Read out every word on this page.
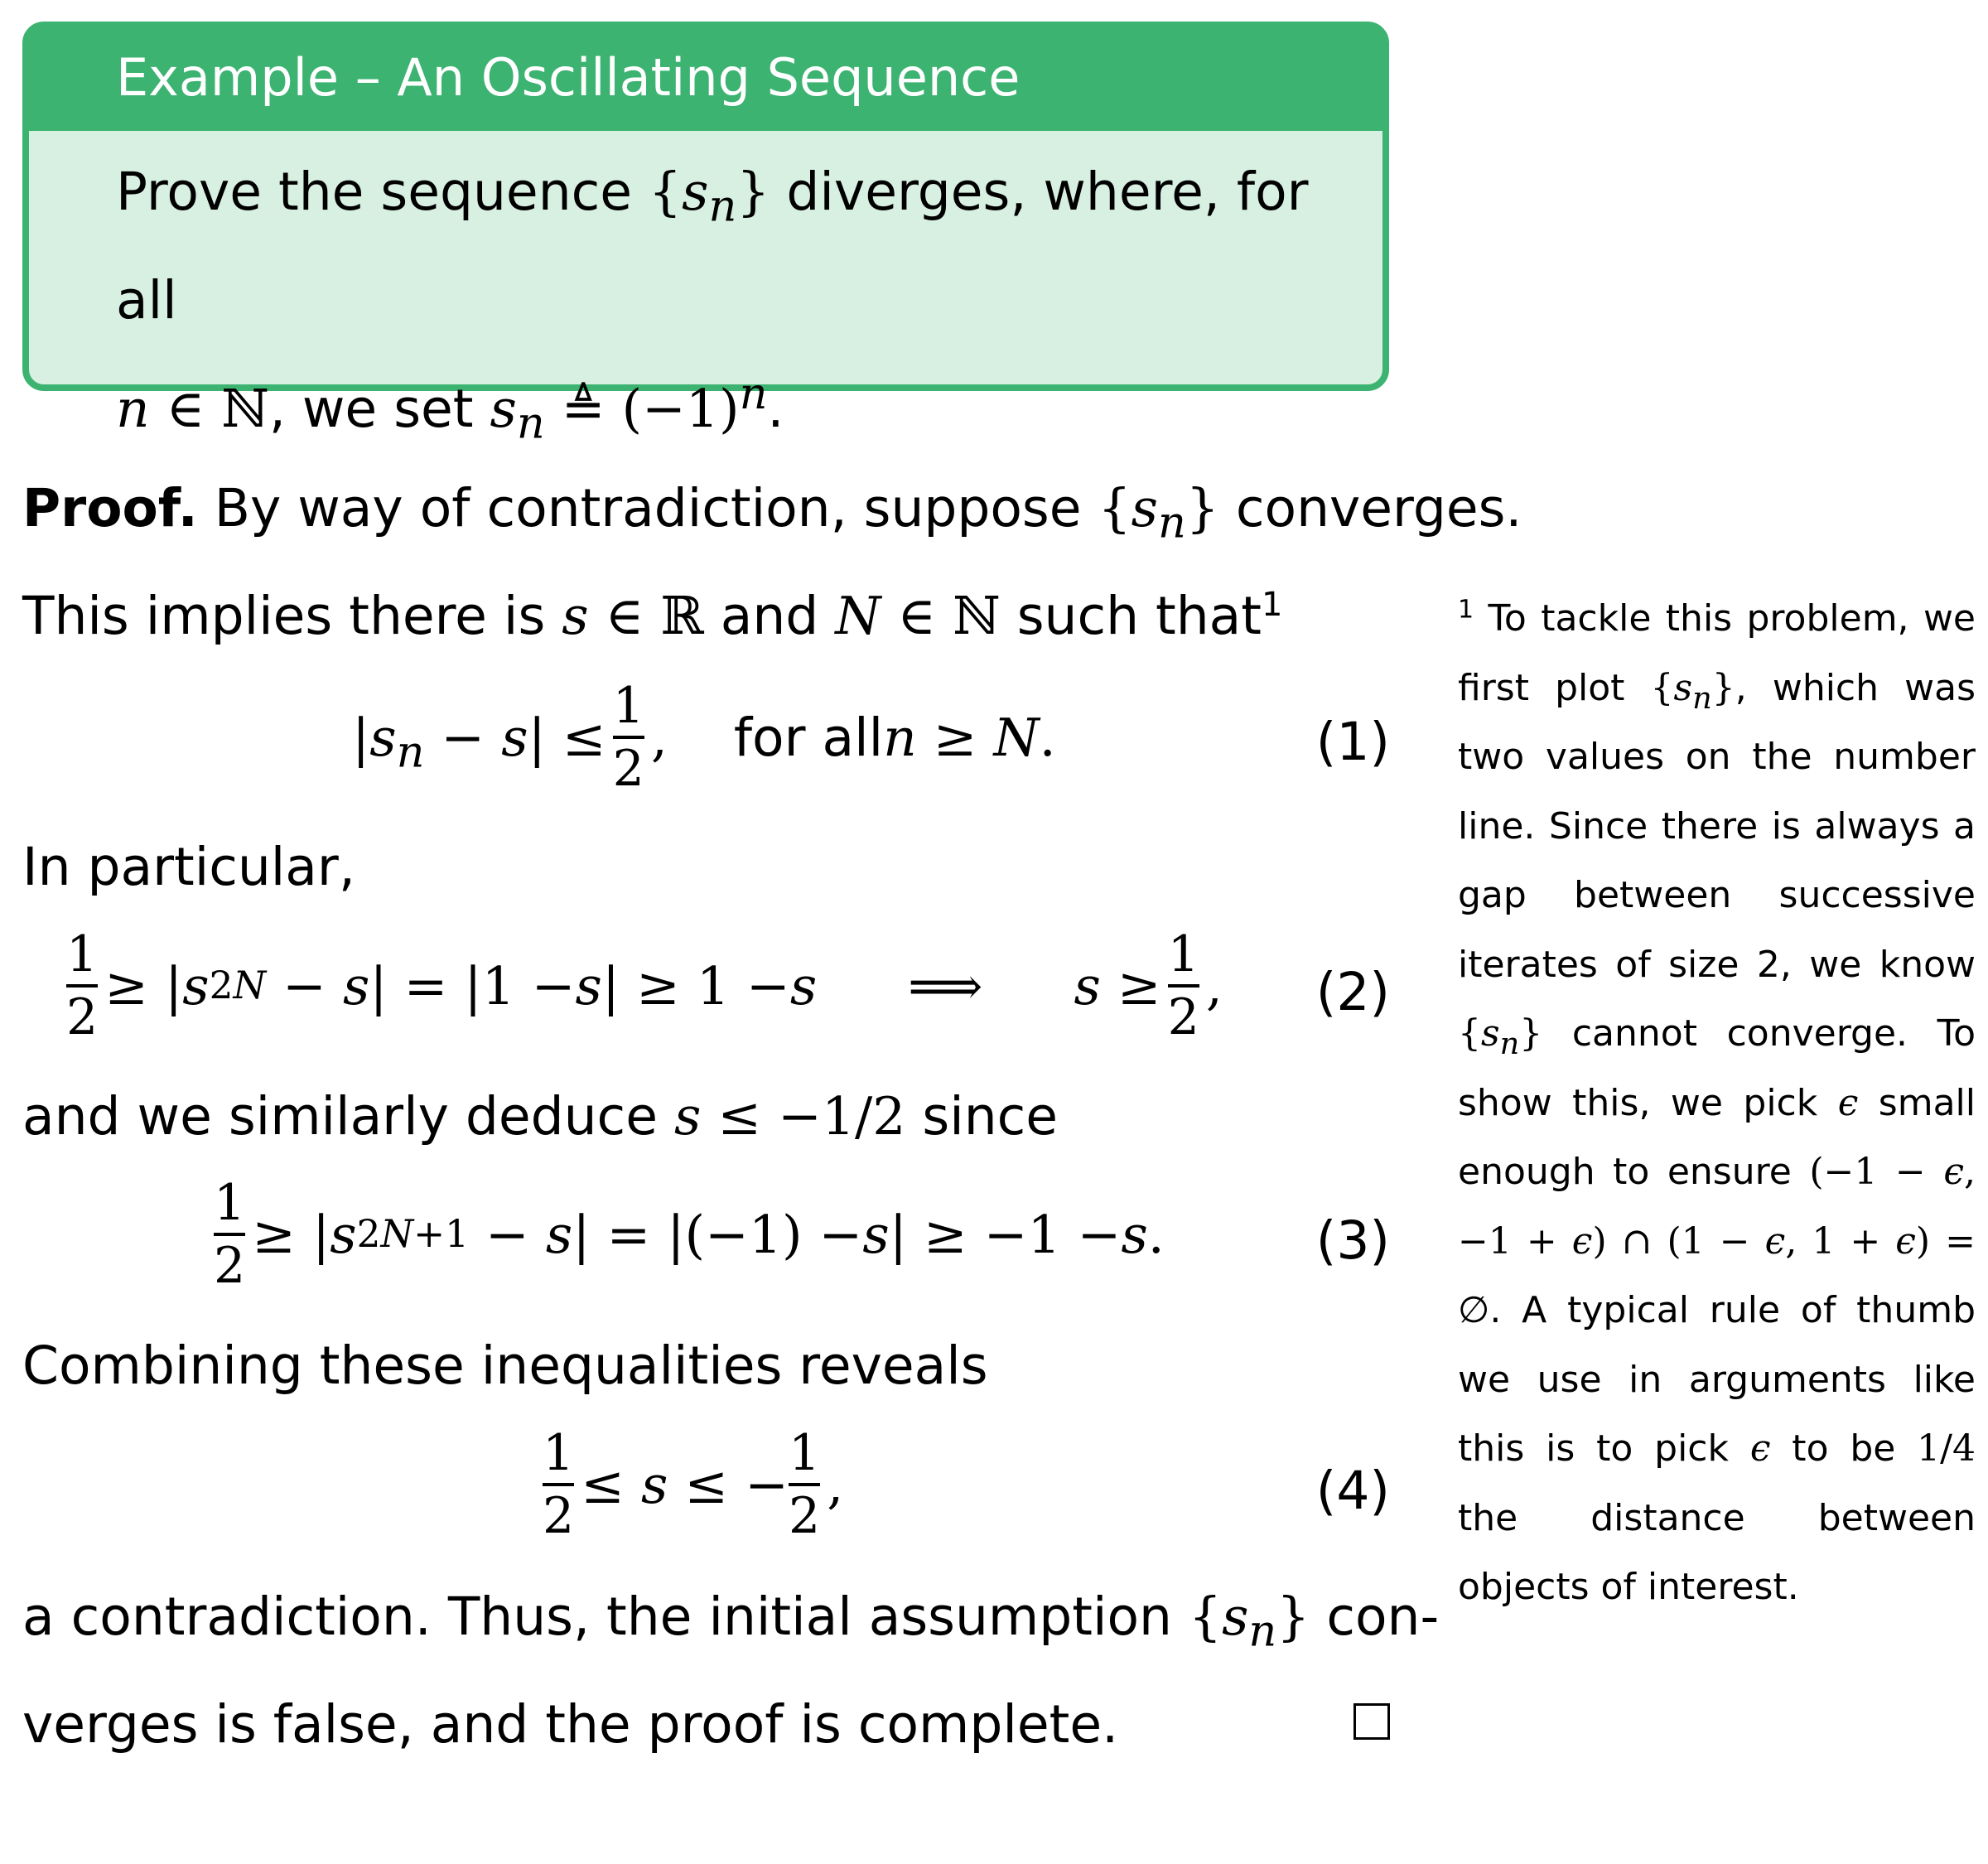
Example – An Oscillating Sequence
Prove the sequence $\{s_n\}$ diverges, where, for all
n ∈ ℕ, we set $s_n$ ≜ $(-1)^n$.
Proof. By way of contradiction, suppose $\{s_n\}$ converges.
This implies there is s ∈ ℝ and N ∈ ℕ such that$^1$
| $s_n - s$ | ≤ $\frac{1}{2}$ , for all n ≥ N .	(1)
In particular,
$\frac{1}{2}$ ≥ | s 2 N − s | = |1 − s | ≥ 1 − s ⟹ $s \ge \frac{1}{2}$ , (2)
and we similarly deduce s ≤ −1/2 since
$\frac{1}{2}$ ≥ | s 2 N +1 − s | = |(−1) − s | ≥ −1 − s .	(3)
Combining these inequalities reveals
$\frac{1}{2} \le s$ ≤ − $\frac{1}{2}$ ,	(4)
a contradiction. Thus, the initial assumption $\{s_n\}$ con-
verges is false, and the proof is complete.
$^1$ To tackle this problem, we first plot $\{s_n\}$, which was two values on the number line. Since there is always a gap between successive iterates of size 2, we know $\{s_n\}$ cannot converge. To show this, we pick ϵ small enough to ensure (−1 − ϵ, −1 + ϵ) ∩ (1 − ϵ, 1 + ϵ) = ∅. A typical rule of thumb we use in arguments like this is to pick ϵ to be 1/4 the distance between objects of interest.
